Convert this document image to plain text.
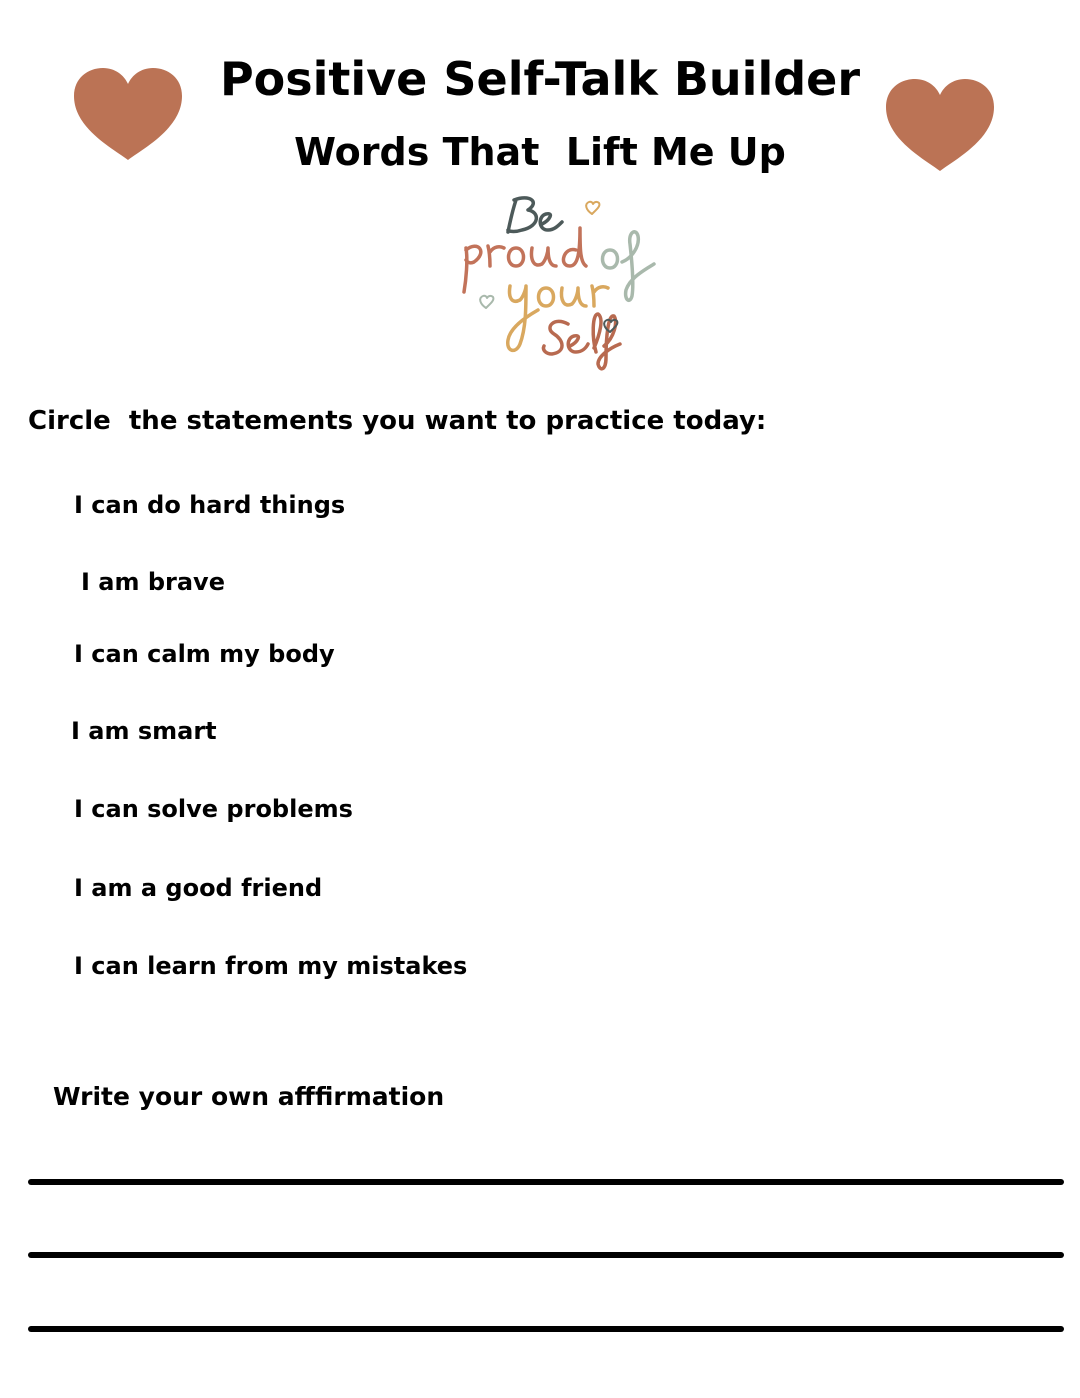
Positive Self-Talk Builder
Words That  Lift Me Up
Circle  the statements you want to practice today:
I can do hard things
I am brave
I can calm my body
I am smart
I can solve problems
I am a good friend
I can learn from my mistakes
Write your own afffirmation
